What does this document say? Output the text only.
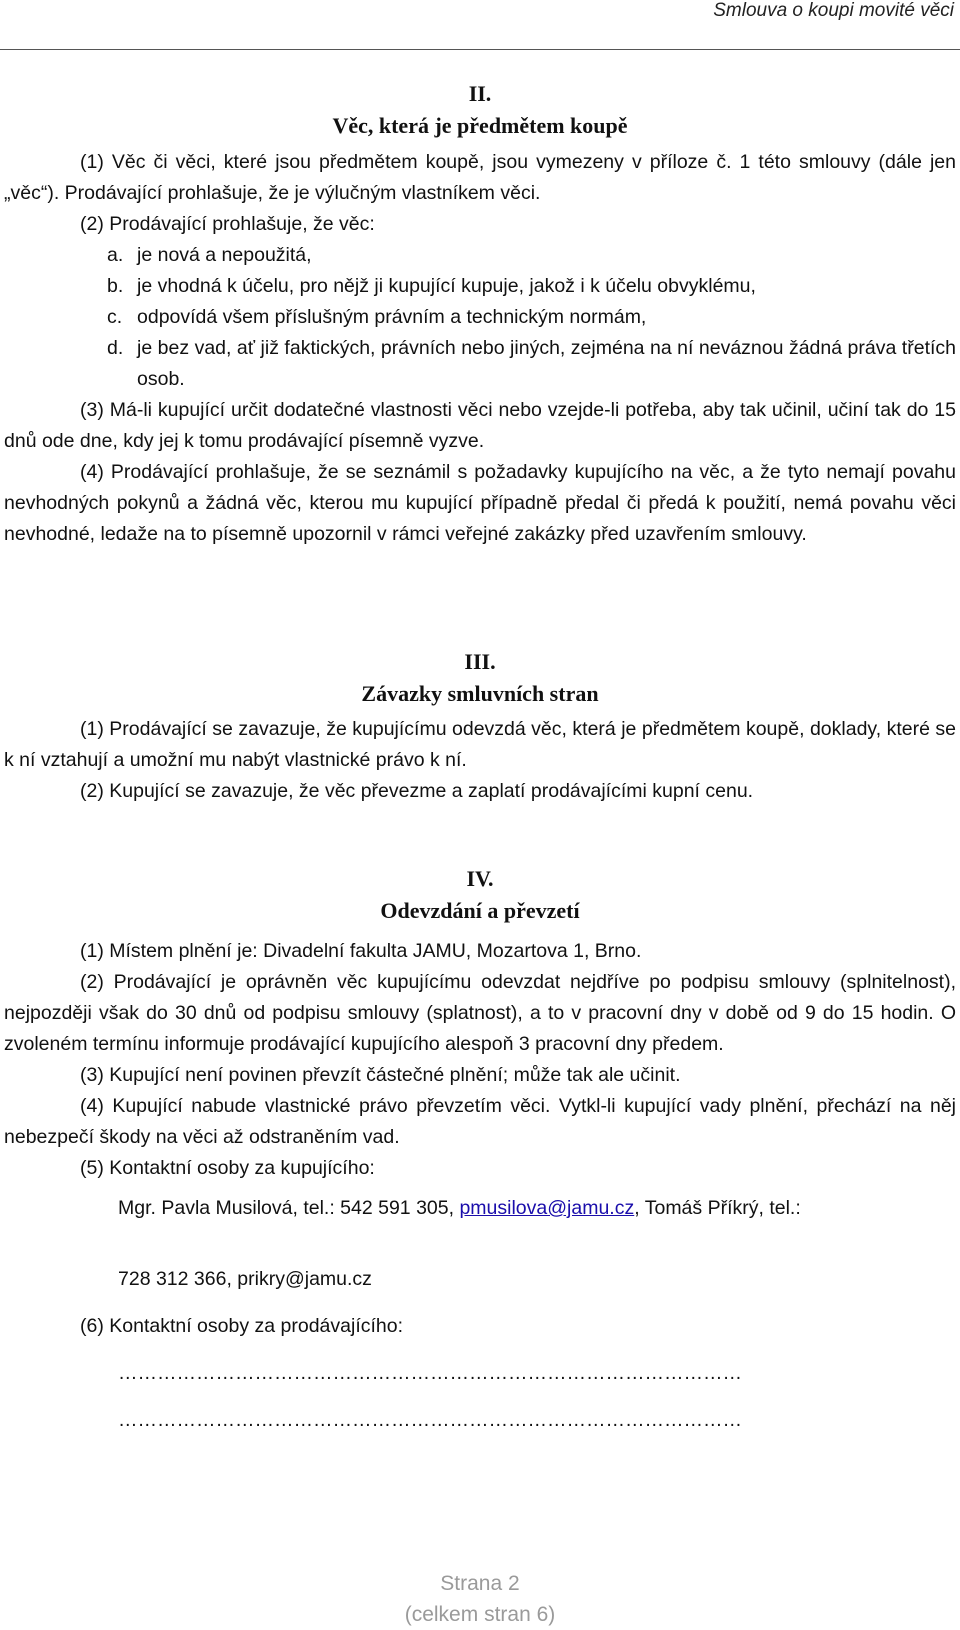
Smlouva o koupi movité věci
II.
Věc, která je předmětem koupě

(1) Věc či věci, které jsou předmětem koupě, jsou vymezeny v příloze č. 1 této smlouvy (dále jen „věc“). Prodávající prohlašuje, že je výlučným vlastníkem věci.

(2) Prodávající prohlašuje, že věc:

a. je nová a nepoužitá,
b. je vhodná k účelu, pro nějž ji kupující kupuje, jakož i k účelu obvyklému,
c. odpovídá všem příslušným právním a technickým normám,
d. je bez vad, ať již faktických, právních nebo jiných, zejména na ní neváznou žádná práva třetích osob.

(3) Má-li kupující určit dodatečné vlastnosti věci nebo vzejde-li potřeba, aby tak učinil, učiní tak do 15 dnů ode dne, kdy jej k tomu prodávající písemně vyzve.

(4) Prodávající prohlašuje, že se seznámil s požadavky kupujícího na věc, a že tyto nemají povahu nevhodných pokynů a žádná věc, kterou mu kupující případně předal či předá k použití, nemá povahu věci nevhodné, ledaže na to písemně upozornil v rámci veřejné zakázky před uzavřením smlouvy.

III.
Závazky smluvních stran

(1) Prodávající se zavazuje, že kupujícímu odevzdá věc, která je předmětem koupě, doklady, které se k ní vztahují a umožní mu nabýt vlastnické právo k ní.

(2) Kupující se zavazuje, že věc převezme a zaplatí prodávajícími kupní cenu.

IV.
Odevzdání a převzetí

(1) Místem plnění je: Divadelní fakulta JAMU, Mozartova 1, Brno.

(2) Prodávající je oprávněn věc kupujícímu odevzdat nejdříve po podpisu smlouvy (splnitelnost), nejpozději však do 30 dnů od podpisu smlouvy (splatnost), a to v pracovní dny v době od 9 do 15 hodin. O zvoleném termínu informuje prodávající kupujícího alespoň 3 pracovní dny předem.

(3) Kupující není povinen převzít částečné plnění; může tak ale učinit.

(4) Kupující nabude vlastnické právo převzetím věci. Vytkl-li kupující vady plnění, přechází na něj nebezpečí škody na věci až odstraněním vad.

(5) Kontaktní osoby za kupujícího:

Mgr. Pavla Musilová, tel.: 542 591 305, pmusilova@jamu.cz, Tomáš Příkrý, tel.:
728 312 366, prikry@jamu.cz
(6) Kontaktní osoby za prodávajícího:
……………………………………………………………………………………
……………………………………………………………………………………
Strana 2
(celkem stran 6)
